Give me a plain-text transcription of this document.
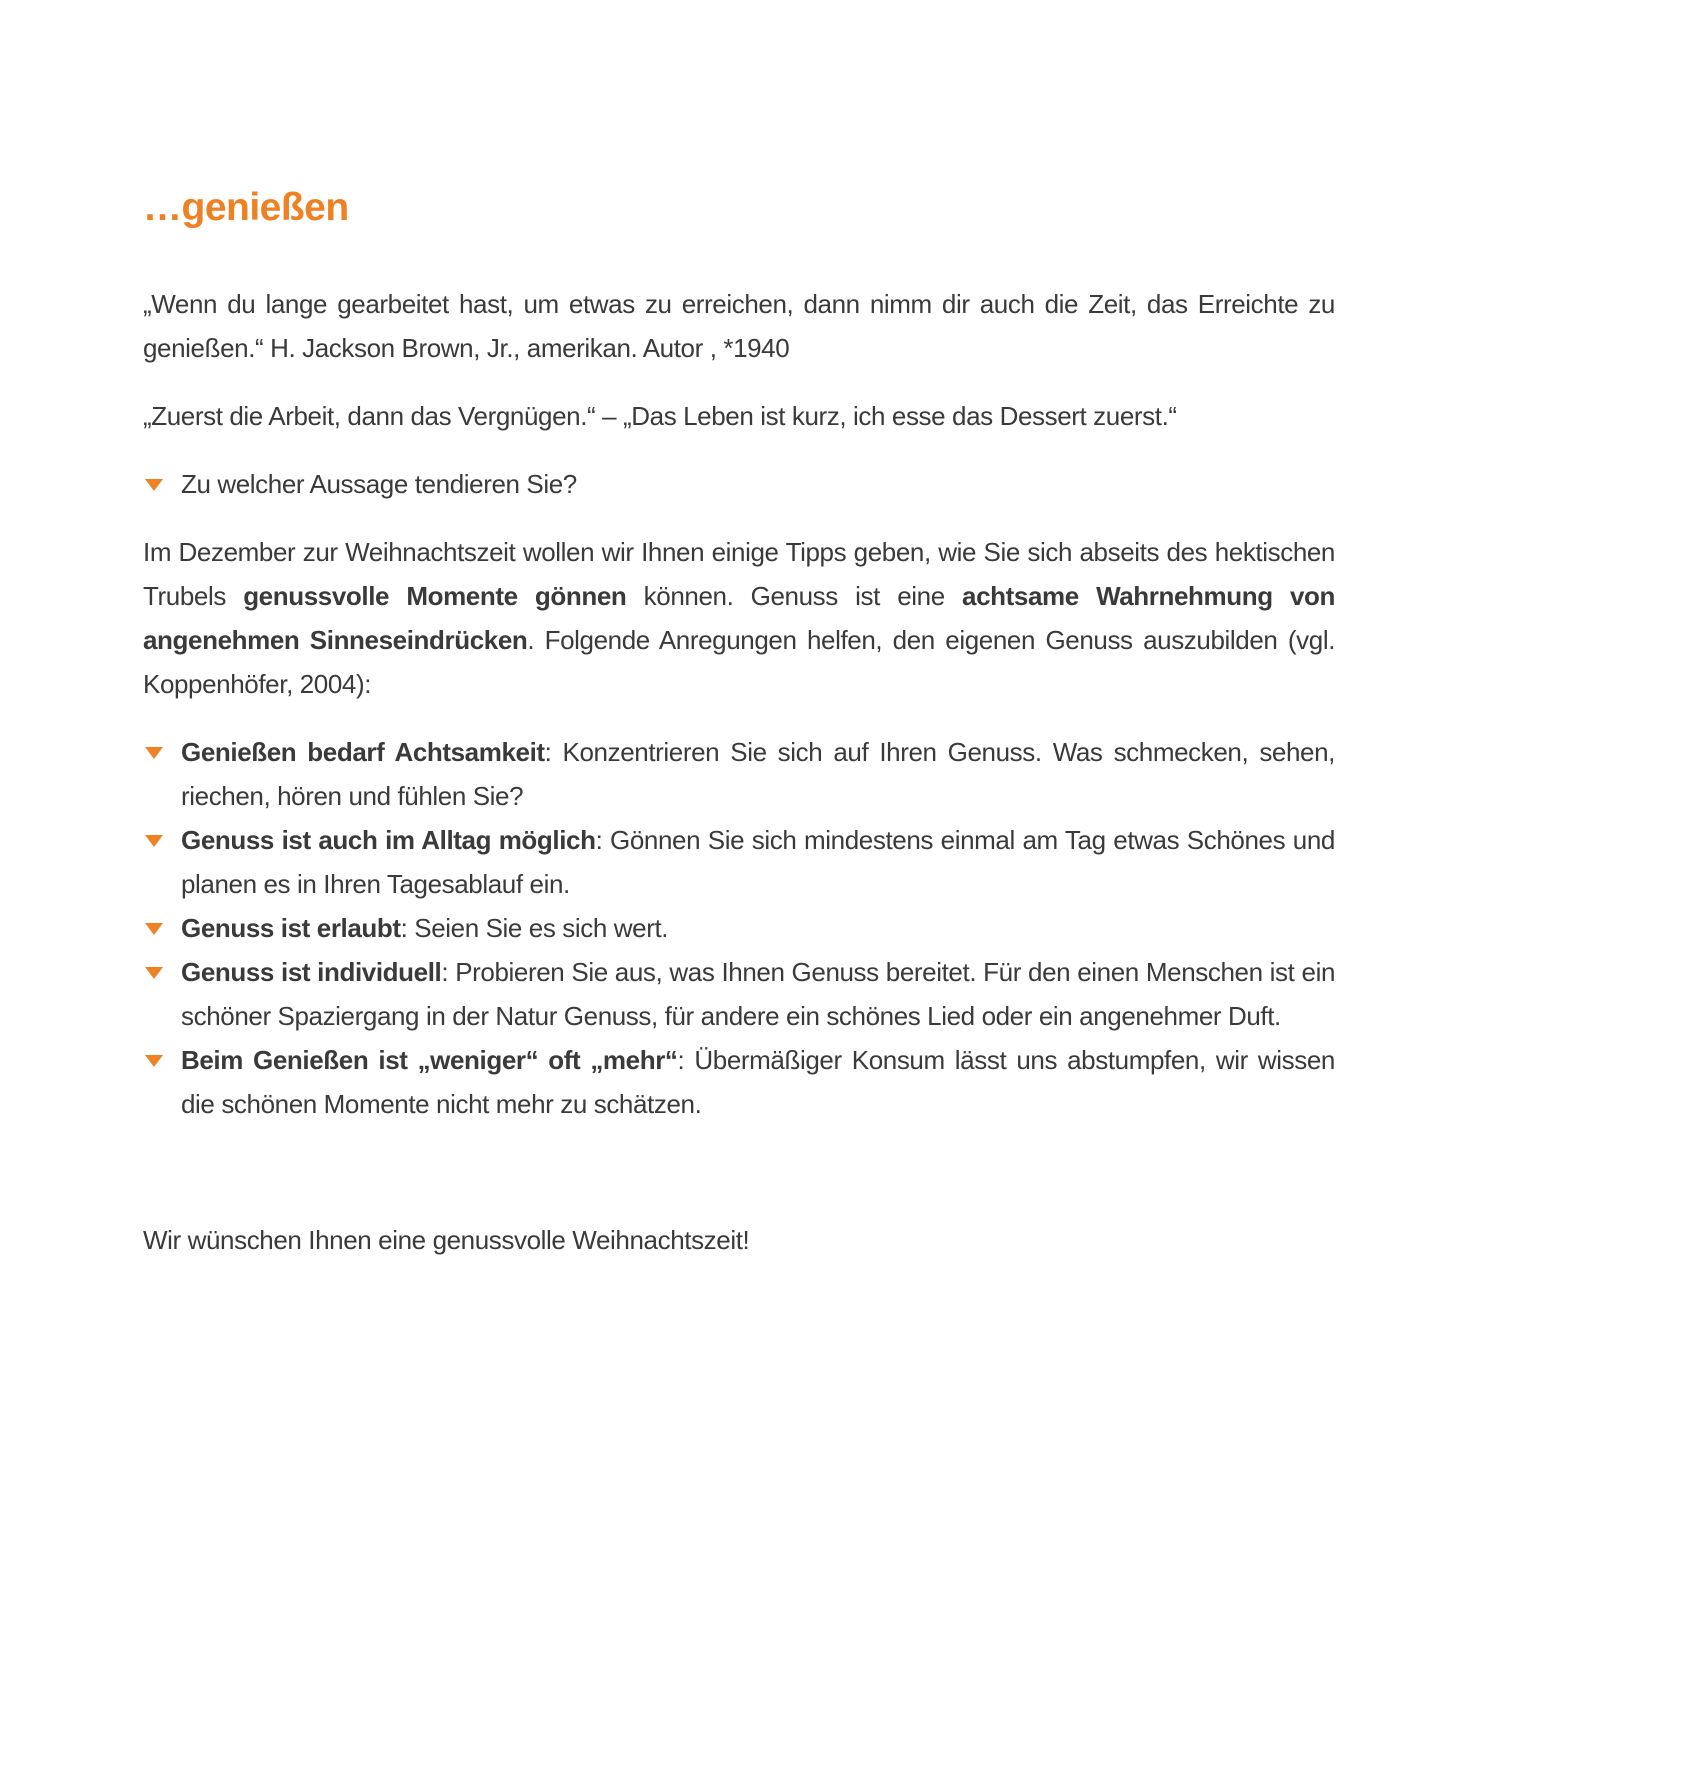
…genießen

„Wenn du lange gearbeitet hast, um etwas zu erreichen, dann nimm dir auch die Zeit, das Erreichte zu genießen.“ H. Jackson Brown, Jr., amerikan. Autor , *1940

„Zuerst die Arbeit, dann das Vergnügen.“ – „Das Leben ist kurz, ich esse das Dessert zuerst.“

Zu welcher Aussage tendieren Sie?

Im Dezember zur Weihnachtszeit wollen wir Ihnen einige Tipps geben, wie Sie sich abseits des hektischen Trubels genussvolle Momente gönnen können. Genuss ist eine achtsame Wahrnehmung von angenehmen Sinneseindrücken. Folgende Anregungen helfen, den eigenen Genuss auszubilden (vgl. Koppenhöfer, 2004):

Genießen bedarf Achtsamkeit: Konzentrieren Sie sich auf Ihren Genuss. Was schmecken, sehen, riechen, hören und fühlen Sie?
Genuss ist auch im Alltag möglich: Gönnen Sie sich mindestens einmal am Tag etwas Schönes und planen es in Ihren Tagesablauf ein.
Genuss ist erlaubt: Seien Sie es sich wert.
Genuss ist individuell: Probieren Sie aus, was Ihnen Genuss bereitet. Für den einen Menschen ist ein schöner Spaziergang in der Natur Genuss, für andere ein schönes Lied oder ein angenehmer Duft.
Beim Genießen ist „weniger“ oft „mehr“: Übermäßiger Konsum lässt uns abstumpfen, wir wissen die schönen Momente nicht mehr zu schätzen.

Wir wünschen Ihnen eine genussvolle Weihnachtszeit!
